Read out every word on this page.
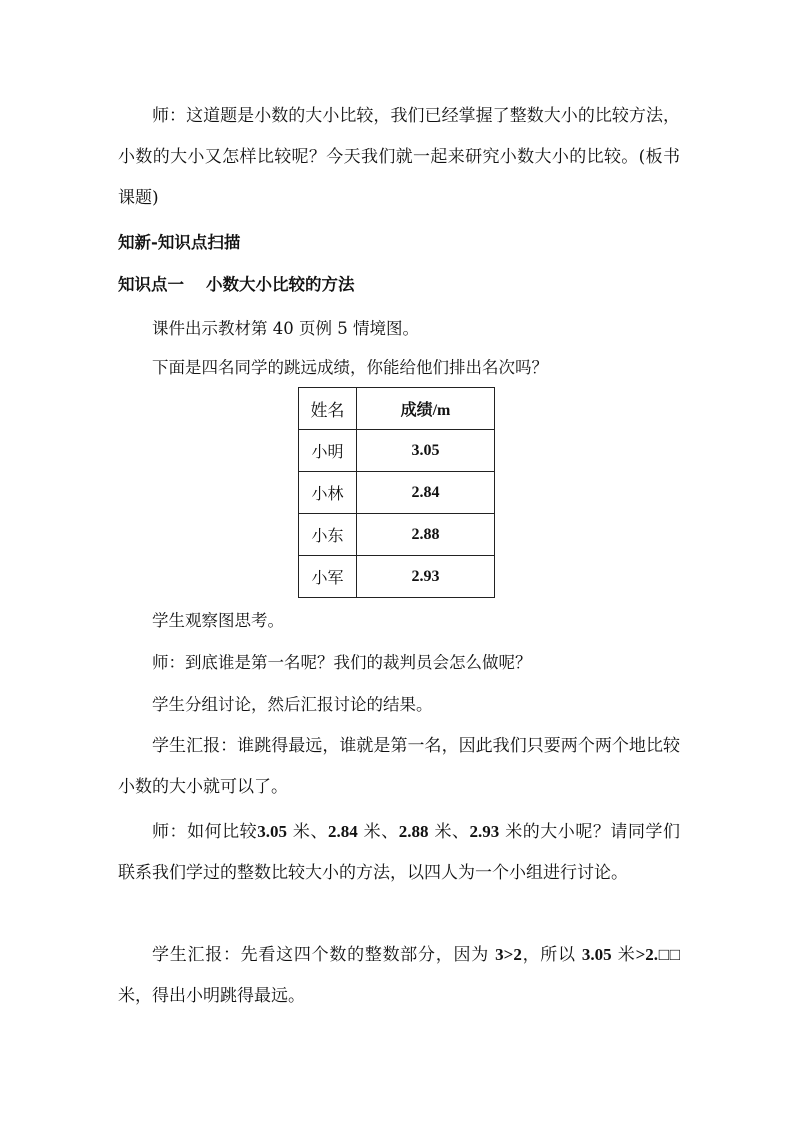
师：这道题是小数的大小比较，我们已经掌握了整数大小的比较方法，小数的大小又怎样比较呢？今天我们就一起来研究小数大小的比较。(板书课题)

知新-知识点扫描

知识点一 小数大小比较的方法

课件出示教材第 40 页例 5 情境图。

下面是四名同学的跳远成绩，你能给他们排出名次吗？

姓名	成绩/m
小明	3.05
小林	2.84
小东	2.88
小军	2.93

学生观察图思考。

师：到底谁是第一名呢？我们的裁判员会怎么做呢？

学生分组讨论，然后汇报讨论的结果。

学生汇报：谁跳得最远，谁就是第一名，因此我们只要两个两个地比较小数的大小就可以了。

师：如何比较3.05 米、2.84 米、2.88 米、2.93 米的大小呢？请同学们联系我们学过的整数比较大小的方法，以四人为一个小组进行讨论。

学生汇报：先看这四个数的整数部分，因为 3>2，所以 3.05 米>2.□□米，得出小明跳得最远。
